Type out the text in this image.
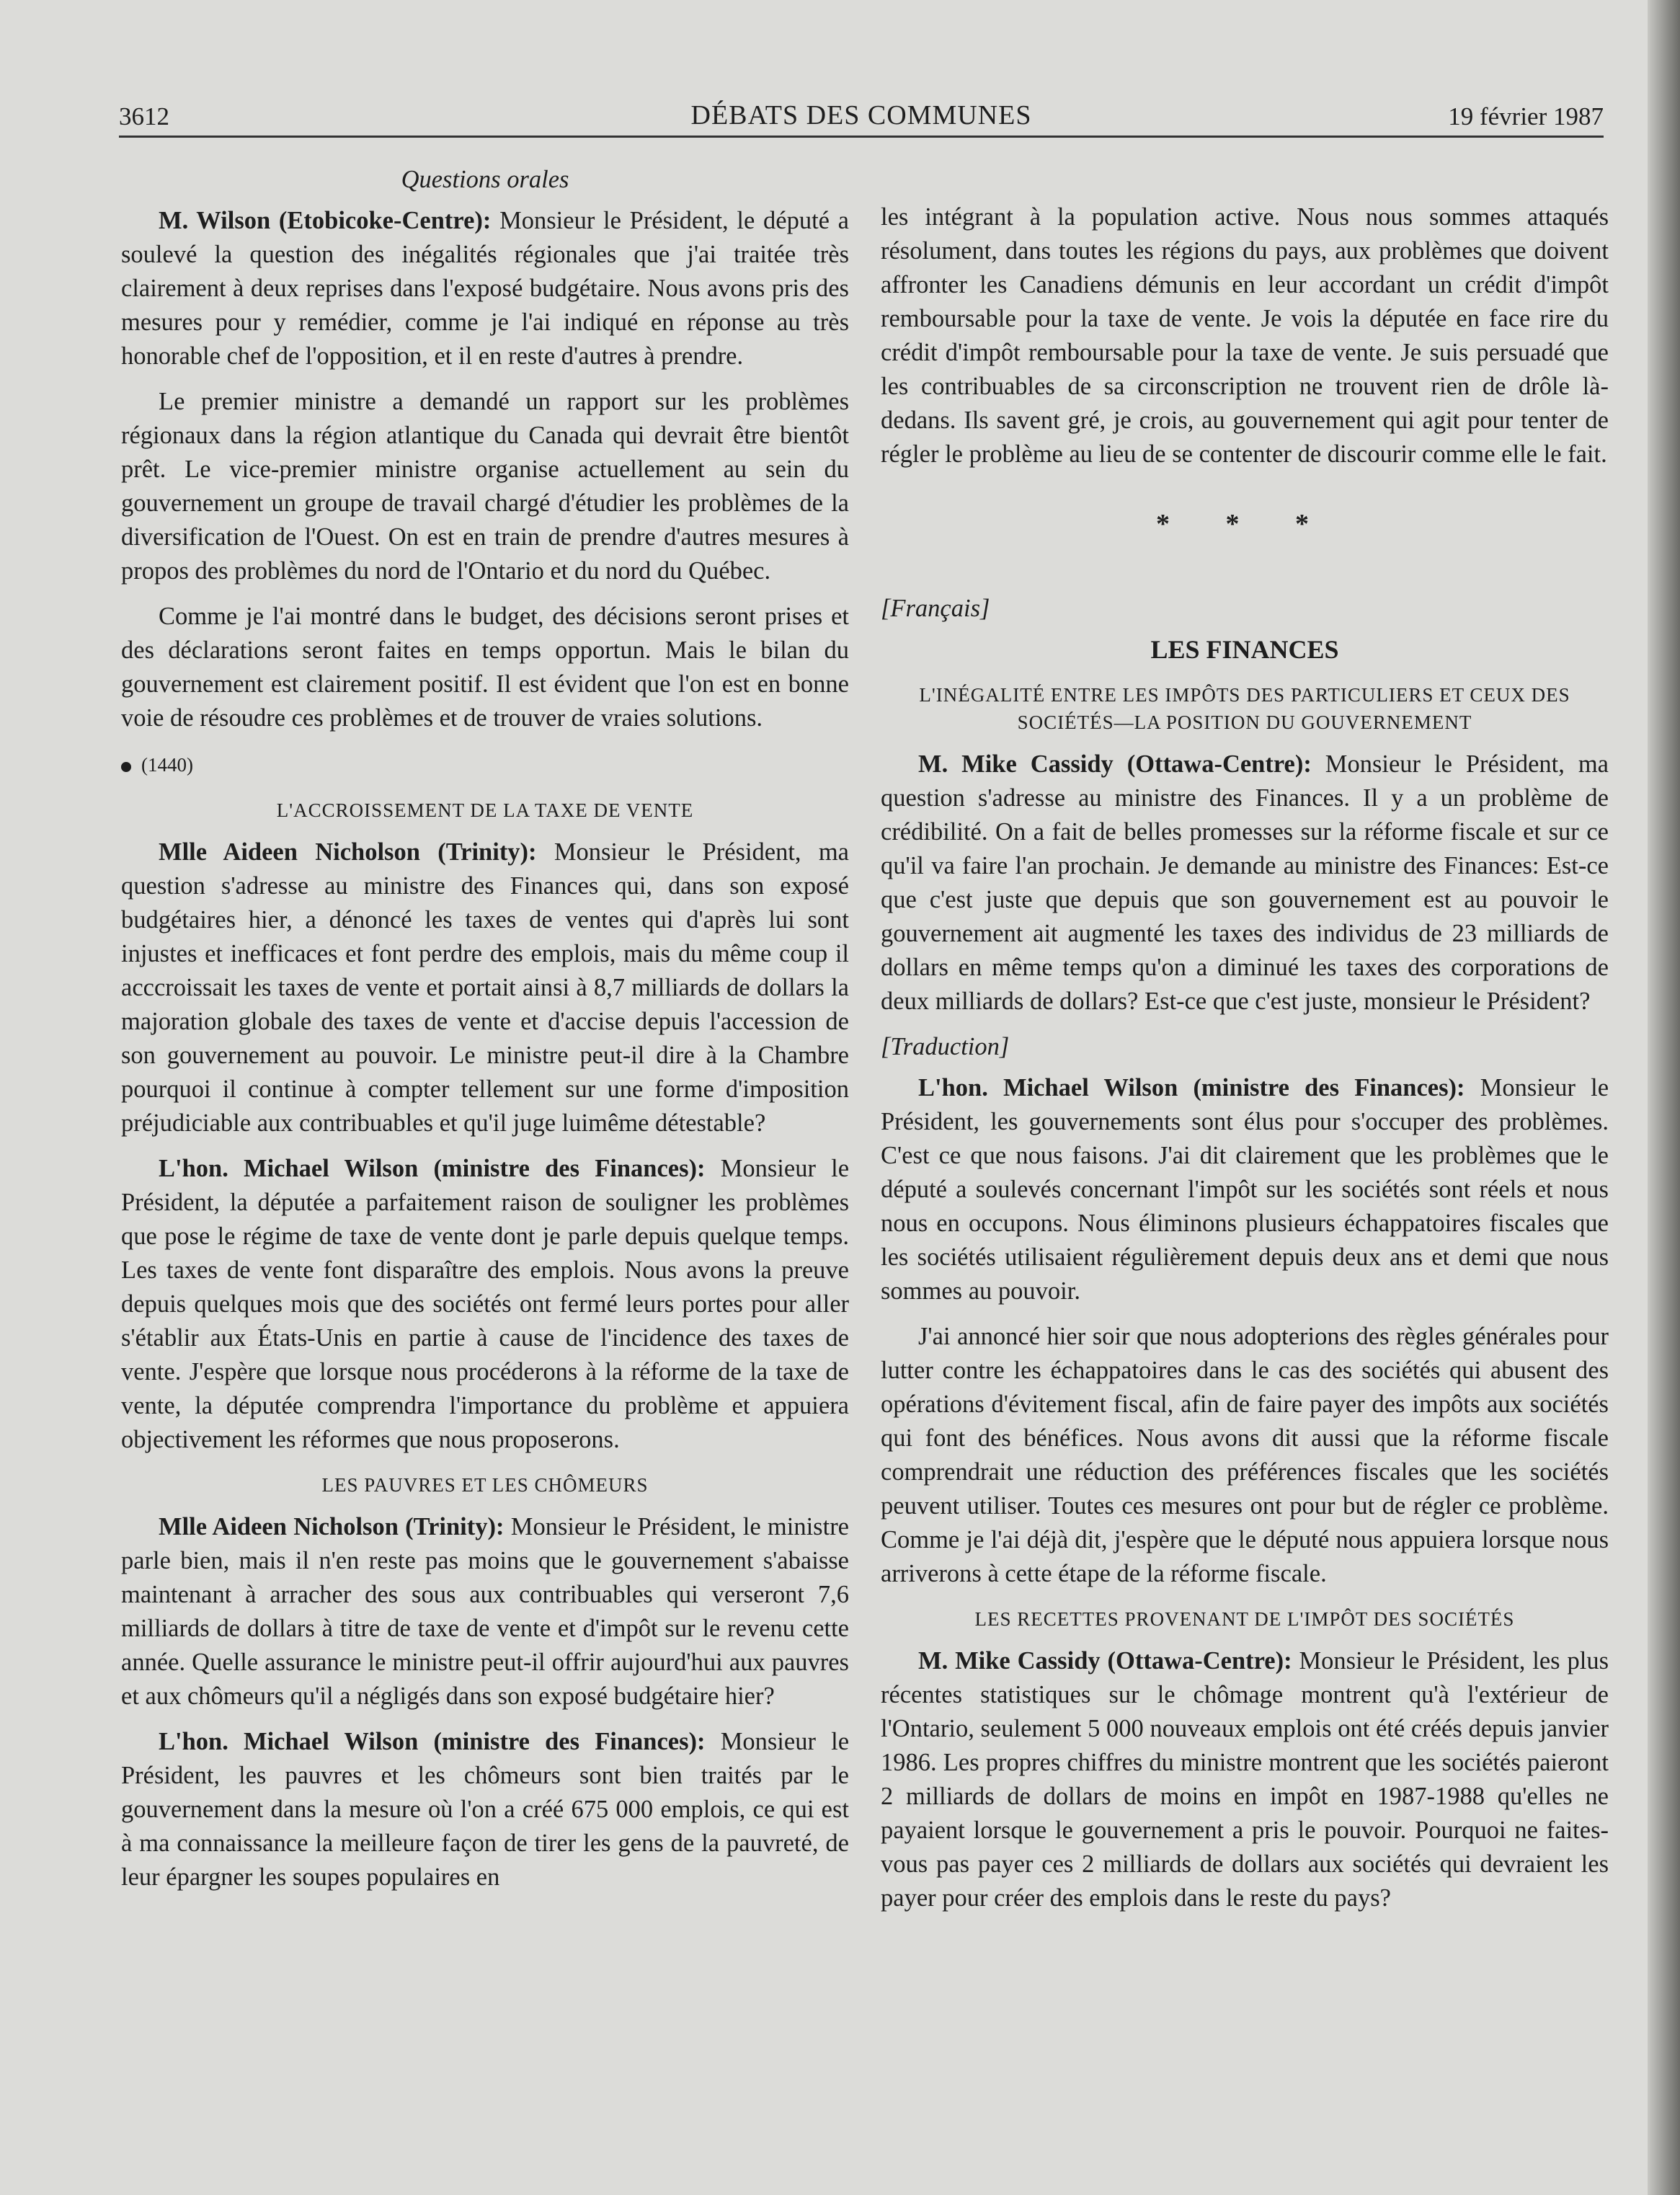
3612	DÉBATS DES COMMUNES	19 février 1987
Questions orales

M. Wilson (Etobicoke-Centre): Monsieur le Président, le député a soulevé la question des inégalités régionales que j'ai traitée très clairement à deux reprises dans l'exposé budgétaire. Nous avons pris des mesures pour y remédier, comme je l'ai indiqué en réponse au très honorable chef de l'opposition, et il en reste d'autres à prendre.

Le premier ministre a demandé un rapport sur les problèmes régionaux dans la région atlantique du Canada qui devrait être bientôt prêt. Le vice-premier ministre organise actuellement au sein du gouvernement un groupe de travail chargé d'étudier les problèmes de la diversification de l'Ouest. On est en train de prendre d'autres mesures à propos des problèmes du nord de l'Ontario et du nord du Québec.

Comme je l'ai montré dans le budget, des décisions seront prises et des déclarations seront faites en temps opportun. Mais le bilan du gouvernement est clairement positif. Il est évident que l'on est en bonne voie de résoudre ces problèmes et de trouver de vraies solutions.

(1440)
L'ACCROISSEMENT DE LA TAXE DE VENTE

Mlle Aideen Nicholson (Trinity): Monsieur le Président, ma question s'adresse au ministre des Finances qui, dans son exposé budgétaires hier, a dénoncé les taxes de ventes qui d'après lui sont injustes et inefficaces et font perdre des emplois, mais du même coup il acccroissait les taxes de vente et portait ainsi à 8,7 milliards de dollars la majoration globale des taxes de vente et d'accise depuis l'accession de son gouvernement au pouvoir. Le ministre peut-il dire à la Chambre pourquoi il continue à compter tellement sur une forme d'imposition préjudiciable aux contribuables et qu'il juge luimême détestable?

L'hon. Michael Wilson (ministre des Finances): Monsieur le Président, la députée a parfaitement raison de souligner les problèmes que pose le régime de taxe de vente dont je parle depuis quelque temps. Les taxes de vente font disparaître des emplois. Nous avons la preuve depuis quelques mois que des sociétés ont fermé leurs portes pour aller s'établir aux États-Unis en partie à cause de l'incidence des taxes de vente. J'espère que lorsque nous procéderons à la réforme de la taxe de vente, la députée comprendra l'importance du problème et appuiera objectivement les réformes que nous proposerons.

LES PAUVRES ET LES CHÔMEURS

Mlle Aideen Nicholson (Trinity): Monsieur le Président, le ministre parle bien, mais il n'en reste pas moins que le gouvernement s'abaisse maintenant à arracher des sous aux contribuables qui verseront 7,6 milliards de dollars à titre de taxe de vente et d'impôt sur le revenu cette année. Quelle assurance le ministre peut-il offrir aujourd'hui aux pauvres et aux chômeurs qu'il a négligés dans son exposé budgétaire hier?

L'hon. Michael Wilson (ministre des Finances): Monsieur le Président, les pauvres et les chômeurs sont bien traités par le gouvernement dans la mesure où l'on a créé 675 000 emplois, ce qui est à ma connaissance la meilleure façon de tirer les gens de la pauvreté, de leur épargner les soupes populaires en

les intégrant à la population active. Nous nous sommes attaqués résolument, dans toutes les régions du pays, aux problèmes que doivent affronter les Canadiens démunis en leur accordant un crédit d'impôt remboursable pour la taxe de vente. Je vois la députée en face rire du crédit d'impôt remboursable pour la taxe de vente. Je suis persuadé que les contribuables de sa circonscription ne trouvent rien de drôle là-dedans. Ils savent gré, je crois, au gouvernement qui agit pour tenter de régler le problème au lieu de se contenter de discourir comme elle le fait.

* * *
[Français]
LES FINANCES
L'INÉGALITÉ ENTRE LES IMPÔTS DES PARTICULIERS ET CEUX DES SOCIÉTÉS—LA POSITION DU GOUVERNEMENT

M. Mike Cassidy (Ottawa-Centre): Monsieur le Président, ma question s'adresse au ministre des Finances. Il y a un problème de crédibilité. On a fait de belles promesses sur la réforme fiscale et sur ce qu'il va faire l'an prochain. Je demande au ministre des Finances: Est-ce que c'est juste que depuis que son gouvernement est au pouvoir le gouvernement ait augmenté les taxes des individus de 23 milliards de dollars en même temps qu'on a diminué les taxes des corporations de deux milliards de dollars? Est-ce que c'est juste, monsieur le Président?

[Traduction]

L'hon. Michael Wilson (ministre des Finances): Monsieur le Président, les gouvernements sont élus pour s'occuper des problèmes. C'est ce que nous faisons. J'ai dit clairement que les problèmes que le député a soulevés concernant l'impôt sur les sociétés sont réels et nous nous en occupons. Nous éliminons plusieurs échappatoires fiscales que les sociétés utilisaient régulièrement depuis deux ans et demi que nous sommes au pouvoir.

J'ai annoncé hier soir que nous adopterions des règles générales pour lutter contre les échappatoires dans le cas des sociétés qui abusent des opérations d'évitement fiscal, afin de faire payer des impôts aux sociétés qui font des bénéfices. Nous avons dit aussi que la réforme fiscale comprendrait une réduction des préférences fiscales que les sociétés peuvent utiliser. Toutes ces mesures ont pour but de régler ce problème. Comme je l'ai déjà dit, j'espère que le député nous appuiera lorsque nous arriverons à cette étape de la réforme fiscale.

LES RECETTES PROVENANT DE L'IMPÔT DES SOCIÉTÉS

M. Mike Cassidy (Ottawa-Centre): Monsieur le Président, les plus récentes statistiques sur le chômage montrent qu'à l'extérieur de l'Ontario, seulement 5 000 nouveaux emplois ont été créés depuis janvier 1986. Les propres chiffres du ministre montrent que les sociétés paieront 2 milliards de dollars de moins en impôt en 1987-1988 qu'elles ne payaient lorsque le gouvernement a pris le pouvoir. Pourquoi ne faites-vous pas payer ces 2 milliards de dollars aux sociétés qui devraient les payer pour créer des emplois dans le reste du pays?
